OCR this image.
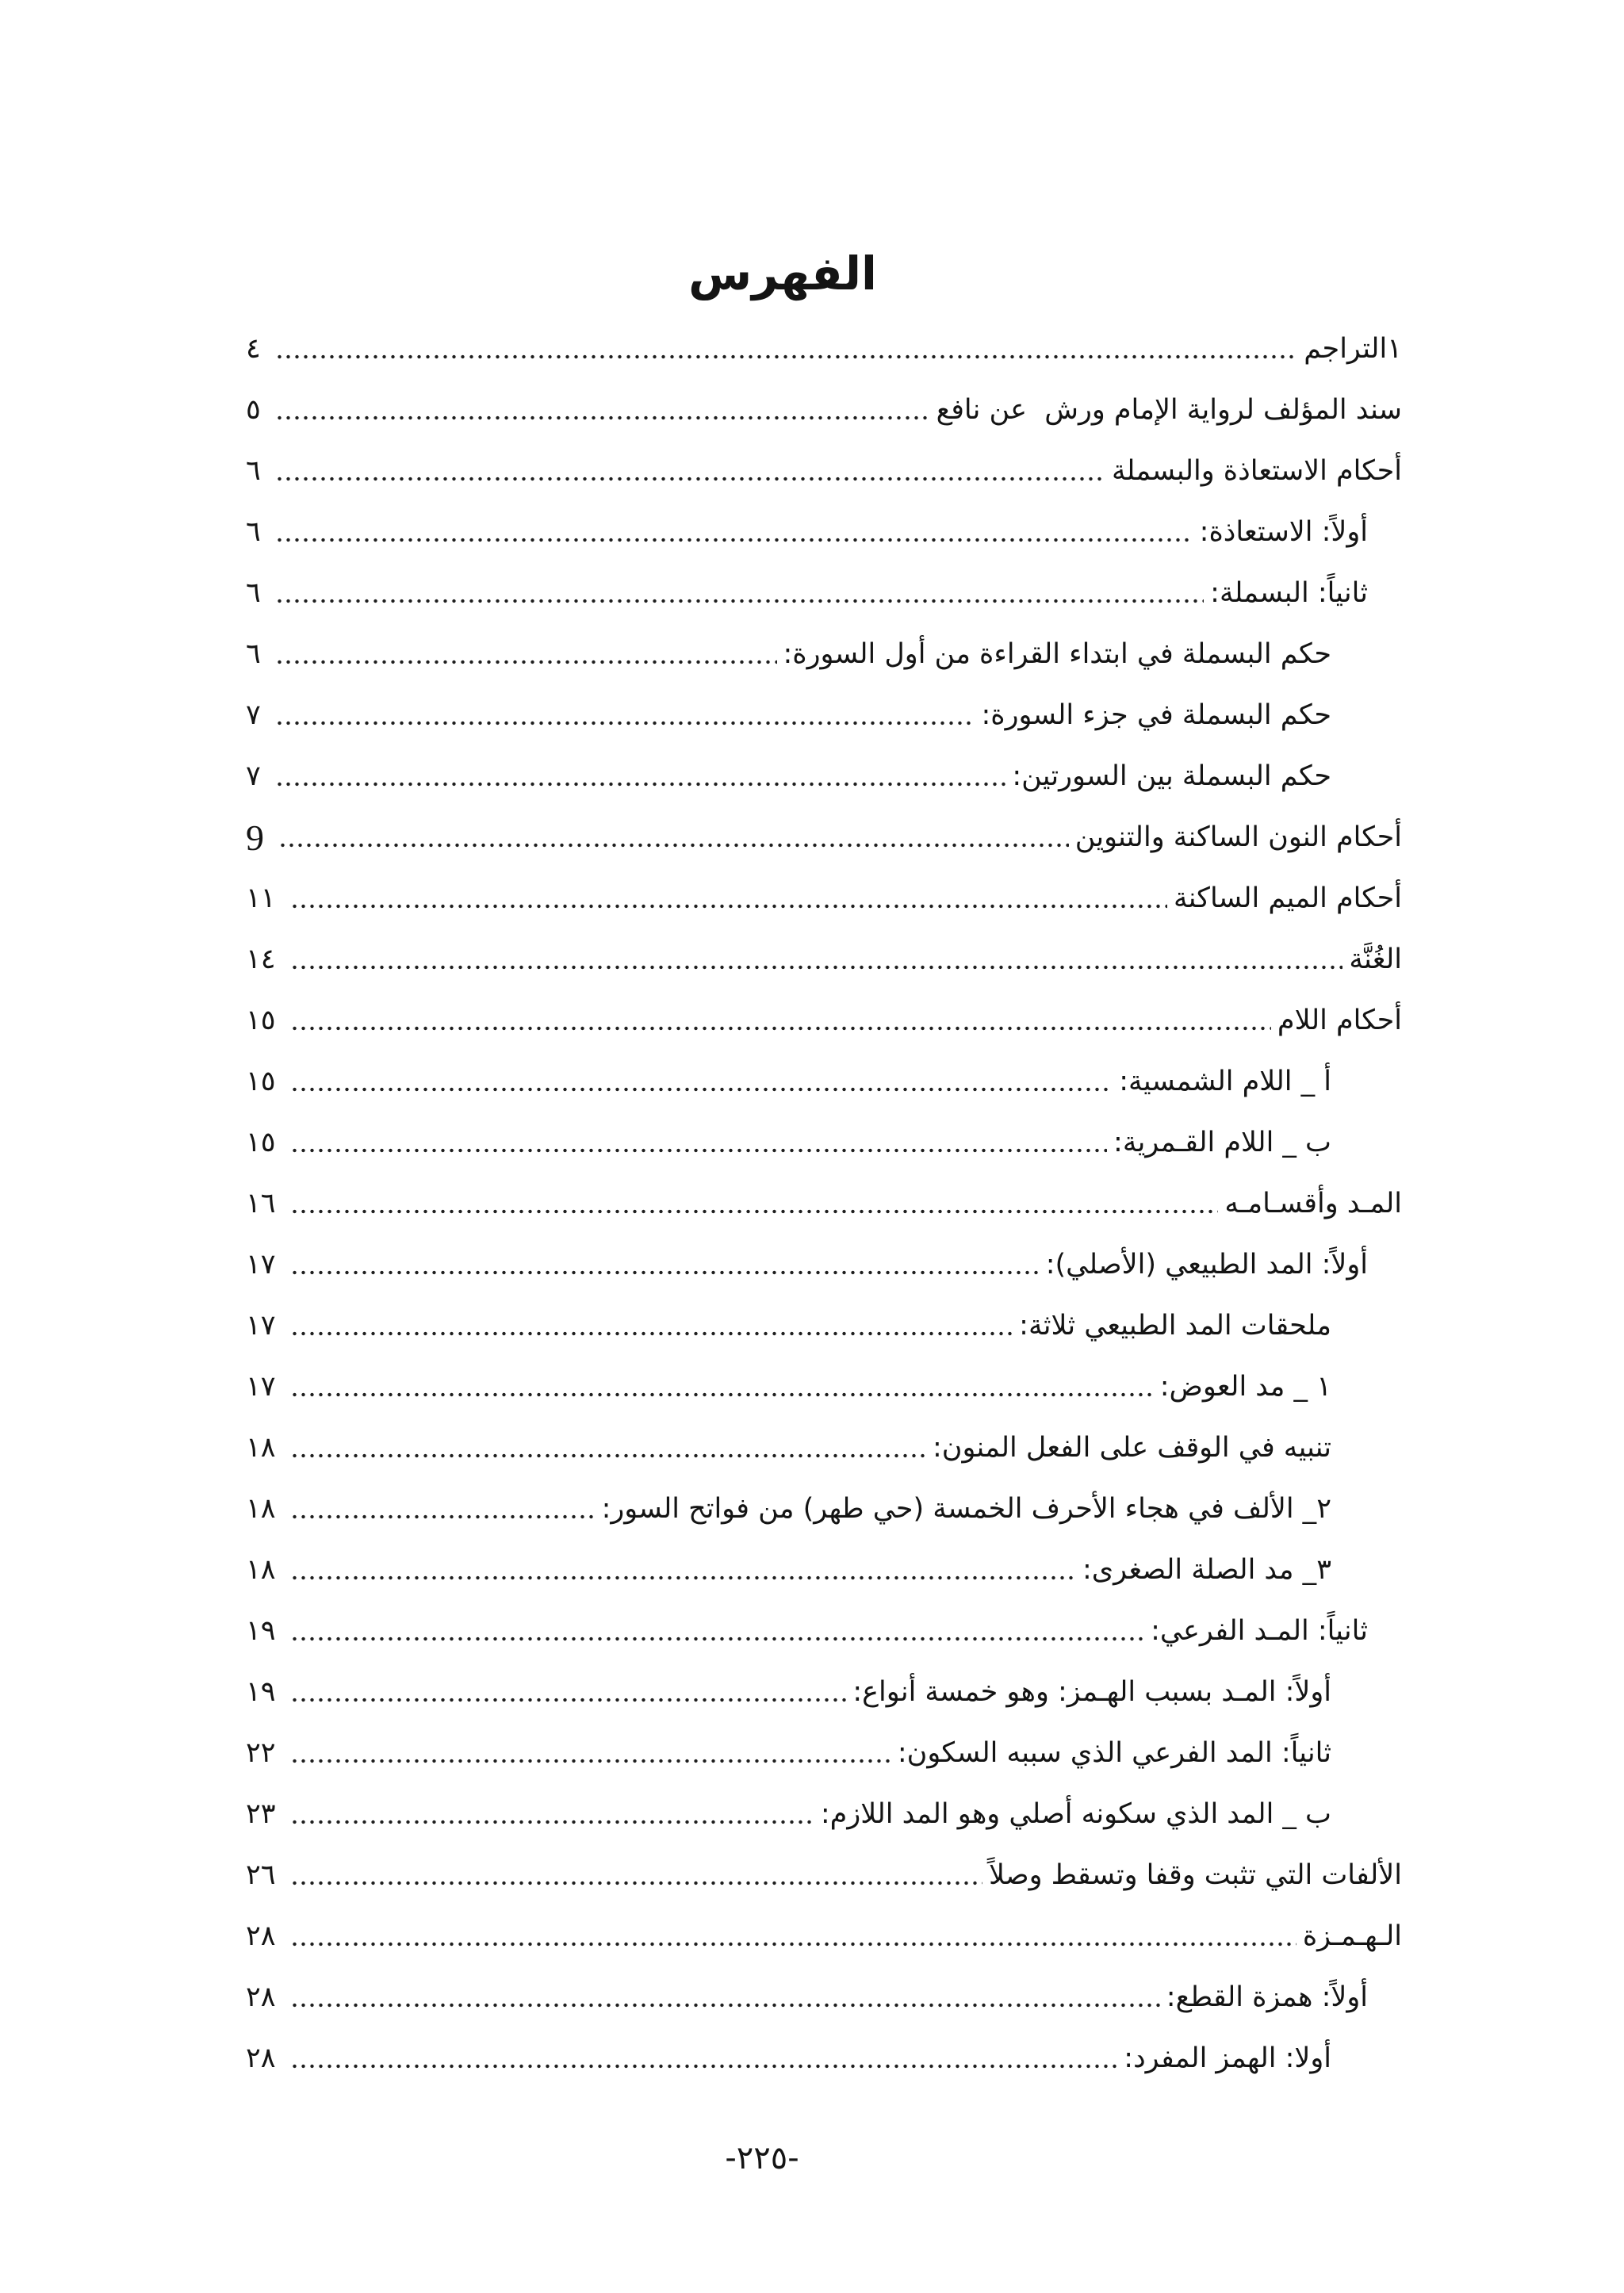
الفهرس
١التراجم
٤
سند المؤلف لرواية الإمام ورش  عن نافع
٥
أحكام الاستعاذة والبسملة
٦
أولاً: الاستعاذة:
٦
ثانياً: البسملة:
٦
حكم البسملة في ابتداء القراءة من أول السورة:
٦
حكم البسملة في جزء السورة:
٧
حكم البسملة بين السورتين:
٧
أحكام النون الساكنة والتنوين
9
أحكام الميم الساكنة
١١
الغُنَّة
١٤
أحكام اللام
١٥
أ _ اللام الشمسية:
١٥
ب _ اللام القـمرية:
١٥
المـد وأقسـامـه
١٦
أولاً: المد الطبيعي (الأصلي):
١٧
ملحقات المد الطبيعي ثلاثة:
١٧
١ _ مد العوض:
١٧
تنبيه في الوقف على الفعل المنون:
١٨
٢_ الألف في هجاء الأحرف الخمسة (حي طهر) من فواتح السور:
١٨
٣_ مد الصلة الصغرى:
١٨
ثانياً: المـد الفرعي:
١٩
أولاً: المـد بسبب الهـمز: وهو خمسة أنواع:
١٩
ثانياً: المد الفرعي الذي سببه السكون:
٢٢
ب _ المد الذي سكونه أصلي وهو المد اللازم:
٢٣
الألفات التي تثبت وقفا وتسقط وصلاً
٢٦
الـهـمـزة
٢٨
أولاً: همزة القطع:
٢٨
أولا: الهمز المفرد:
٢٨
-٢٢٥-
